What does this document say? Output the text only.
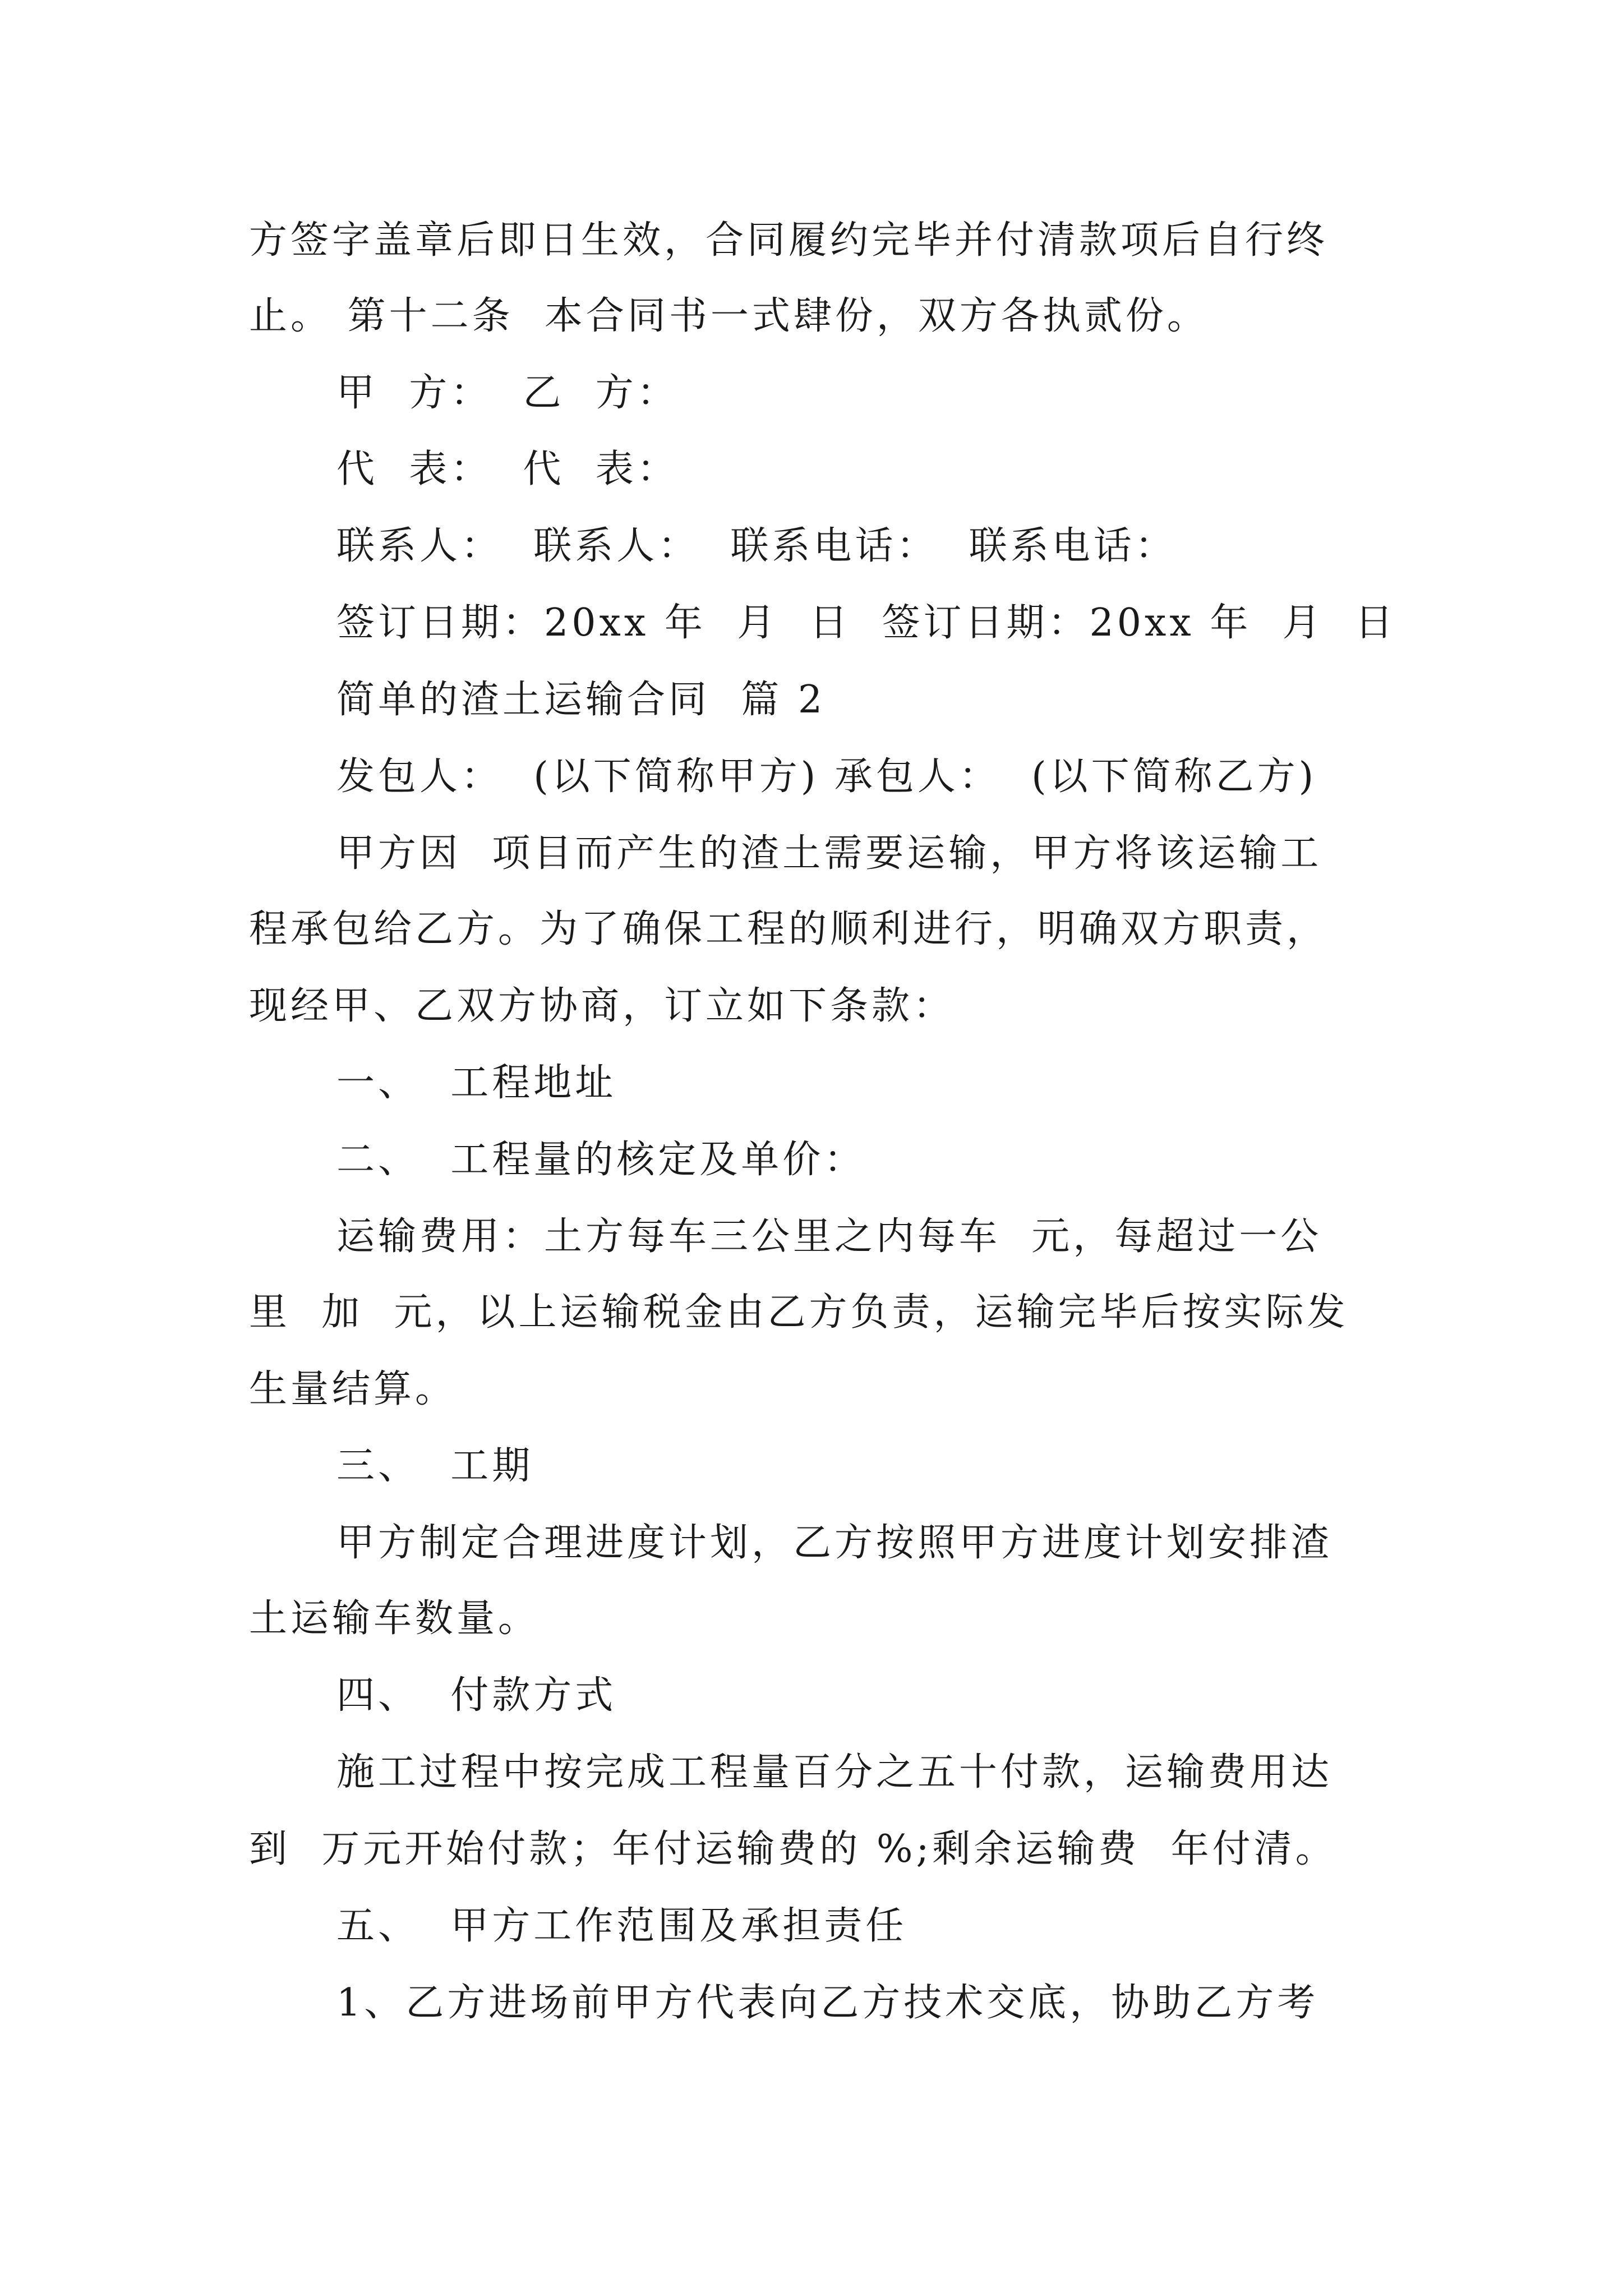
方签字盖章后即日生效，合同履约完毕并付清款项后自行终
止。 第十二条  本合同书一式肆份，双方各执贰份。
甲  方：  乙  方：
代  表：  代  表：
联系人：  联系人：  联系电话：  联系电话：
签订日期：20xx 年  月  日  签订日期：20xx 年  月  日
简单的渣土运输合同  篇 2
发包人：  (以下简称甲方) 承包人：  (以下简称乙方)
甲方因  项目而产生的渣土需要运输，甲方将该运输工
程承包给乙方。为了确保工程的顺利进行，明确双方职责，
现经甲、乙双方协商，订立如下条款：
一、  工程地址
二、  工程量的核定及单价：
运输费用：土方每车三公里之内每车  元，每超过一公
里  加  元，以上运输税金由乙方负责，运输完毕后按实际发
生量结算。
三、  工期
甲方制定合理进度计划，乙方按照甲方进度计划安排渣
土运输车数量。
四、  付款方式
施工过程中按完成工程量百分之五十付款，运输费用达
到  万元开始付款；年付运输费的 %;剩余运输费  年付清。
五、  甲方工作范围及承担责任
1、乙方进场前甲方代表向乙方技术交底，协助乙方考
